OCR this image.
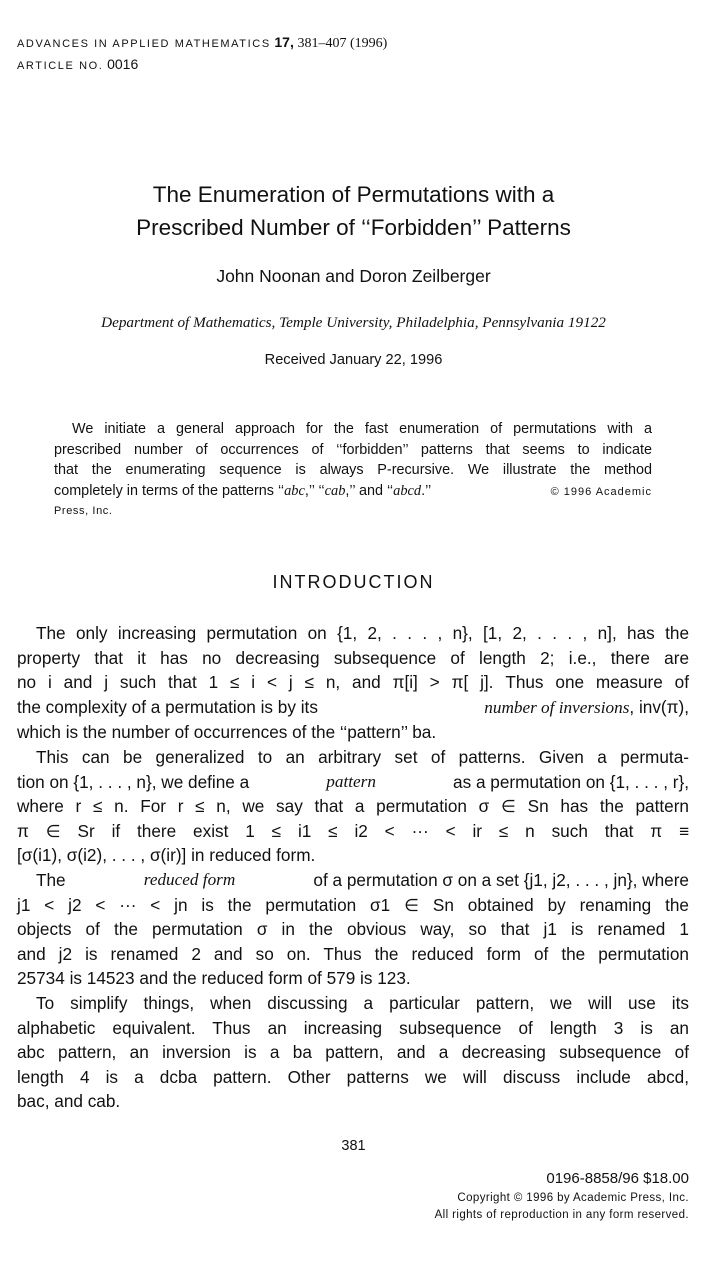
ADVANCES IN APPLIED MATHEMATICS 17, 381–407 (1996)
ARTICLE NO. 0016
The Enumeration of Permutations with a
Prescribed Number of ‘‘Forbidden’’ Patterns
John Noonan and Doron Zeilberger
Department of Mathematics, Temple University, Philadelphia, Pennsylvania 19122
Received January 22, 1996
We initiate a general approach for the fast enumeration of permutations with a
prescribed number of occurrences of ‘‘forbidden’’ patterns that seems to indicate
that the enumerating sequence is always P-recursive. We illustrate the method
completely in terms of the patterns ‘‘abc,’’ ‘‘cab,’’ and ‘‘abcd.’’	© 1996 Academic
Press, Inc.
INTRODUCTION
The only increasing permutation on {1, 2, . . . , n}, [1, 2, . . . , n], has the
property that it has no decreasing subsequence of length 2; i.e., there are
no i and j such that 1 ≤ i < j ≤ n, and π[i] > π[ j]. Thus one measure of
the complexity of a permutation is by its	number of inversions, inv(π),
which is the number of occurrences of the ‘‘pattern’’ ba.
This can be generalized to an arbitrary set of patterns. Given a permuta-
tion on {1, . . . , n}, we define a	pattern	as a permutation on {1, . . . , r},
where r ≤ n. For r ≤ n, we say that a permutation σ ∈ Sn has the pattern
π ∈ Sr if there exist 1 ≤ i1 ≤ i2 < ··· < ir ≤ n such that π ≡
[σ(i1), σ(i2), . . . , σ(ir)] in reduced form.
The	reduced form	of a permutation σ on a set {j1, j2, . . . , jn}, where
j1 < j2 < ··· < jn is the permutation σ1 ∈ Sn obtained by renaming the
objects of the permutation σ in the obvious way, so that j1 is renamed 1
and j2 is renamed 2 and so on. Thus the reduced form of the permutation
25734 is 14523 and the reduced form of 579 is 123.
To simplify things, when discussing a particular pattern, we will use its
alphabetic equivalent. Thus an increasing subsequence of length 3 is an
abc pattern, an inversion is a ba pattern, and a decreasing subsequence of
length 4 is a dcba pattern. Other patterns we will discuss include abcd,
bac, and cab.
381
0196-8858/96 $18.00
Copyright © 1996 by Academic Press, Inc.
All rights of reproduction in any form reserved.
